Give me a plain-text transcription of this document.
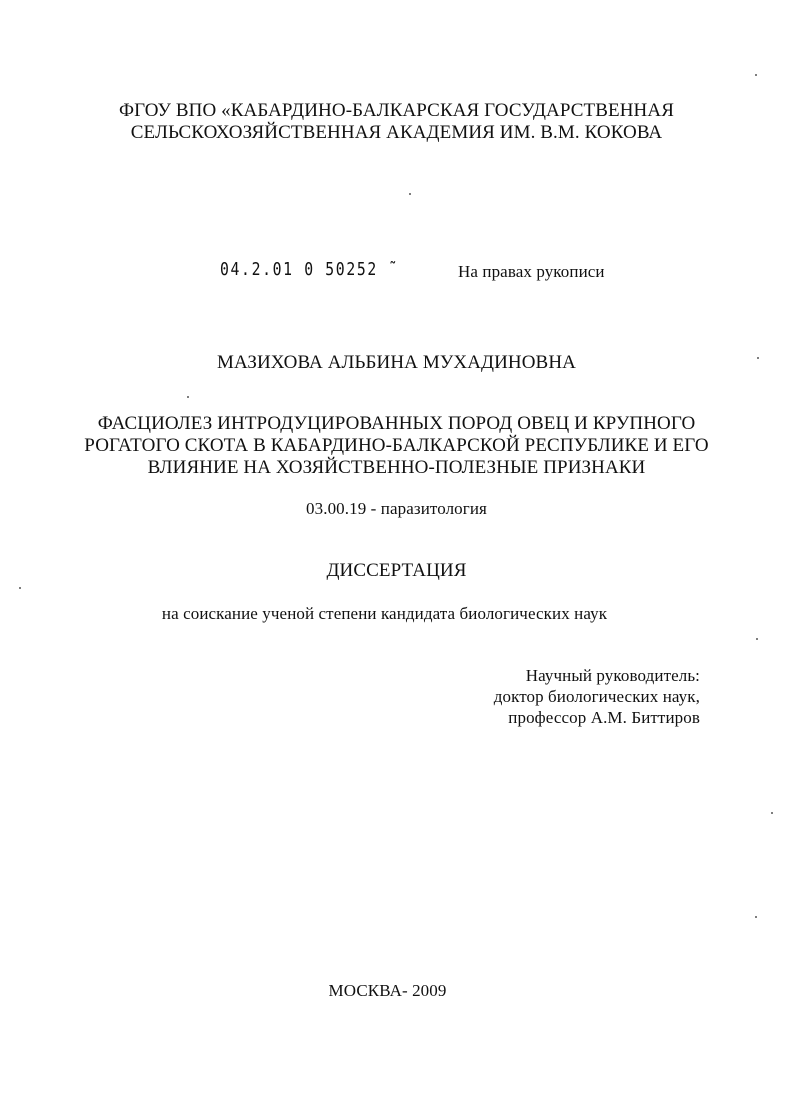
ФГОУ ВПО «КАБАРДИНО-БАЛКАРСКАЯ ГОСУДАРСТВЕННАЯ
СЕЛЬСКОХОЗЯЙСТВЕННАЯ АКАДЕМИЯ ИМ. В.М. КОКОВА
04.2.01 0 50252 ˜	На правах рукописи
МАЗИХОВА АЛЬБИНА МУХАДИНОВНА
ФАСЦИОЛЕЗ ИНТРОДУЦИРОВАННЫХ ПОРОД ОВЕЦ И КРУПНОГО
РОГАТОГО СКОТА В КАБАРДИНО-БАЛКАРСКОЙ РЕСПУБЛИКЕ И ЕГО
ВЛИЯНИЕ НА ХОЗЯЙСТВЕННО-ПОЛЕЗНЫЕ ПРИЗНАКИ
03.00.19 - паразитология
ДИССЕРТАЦИЯ
на соискание ученой степени кандидата биологических наук
Научный руководитель:
доктор биологических наук,
профессор А.М. Биттиров
МОСКВА- 2009
